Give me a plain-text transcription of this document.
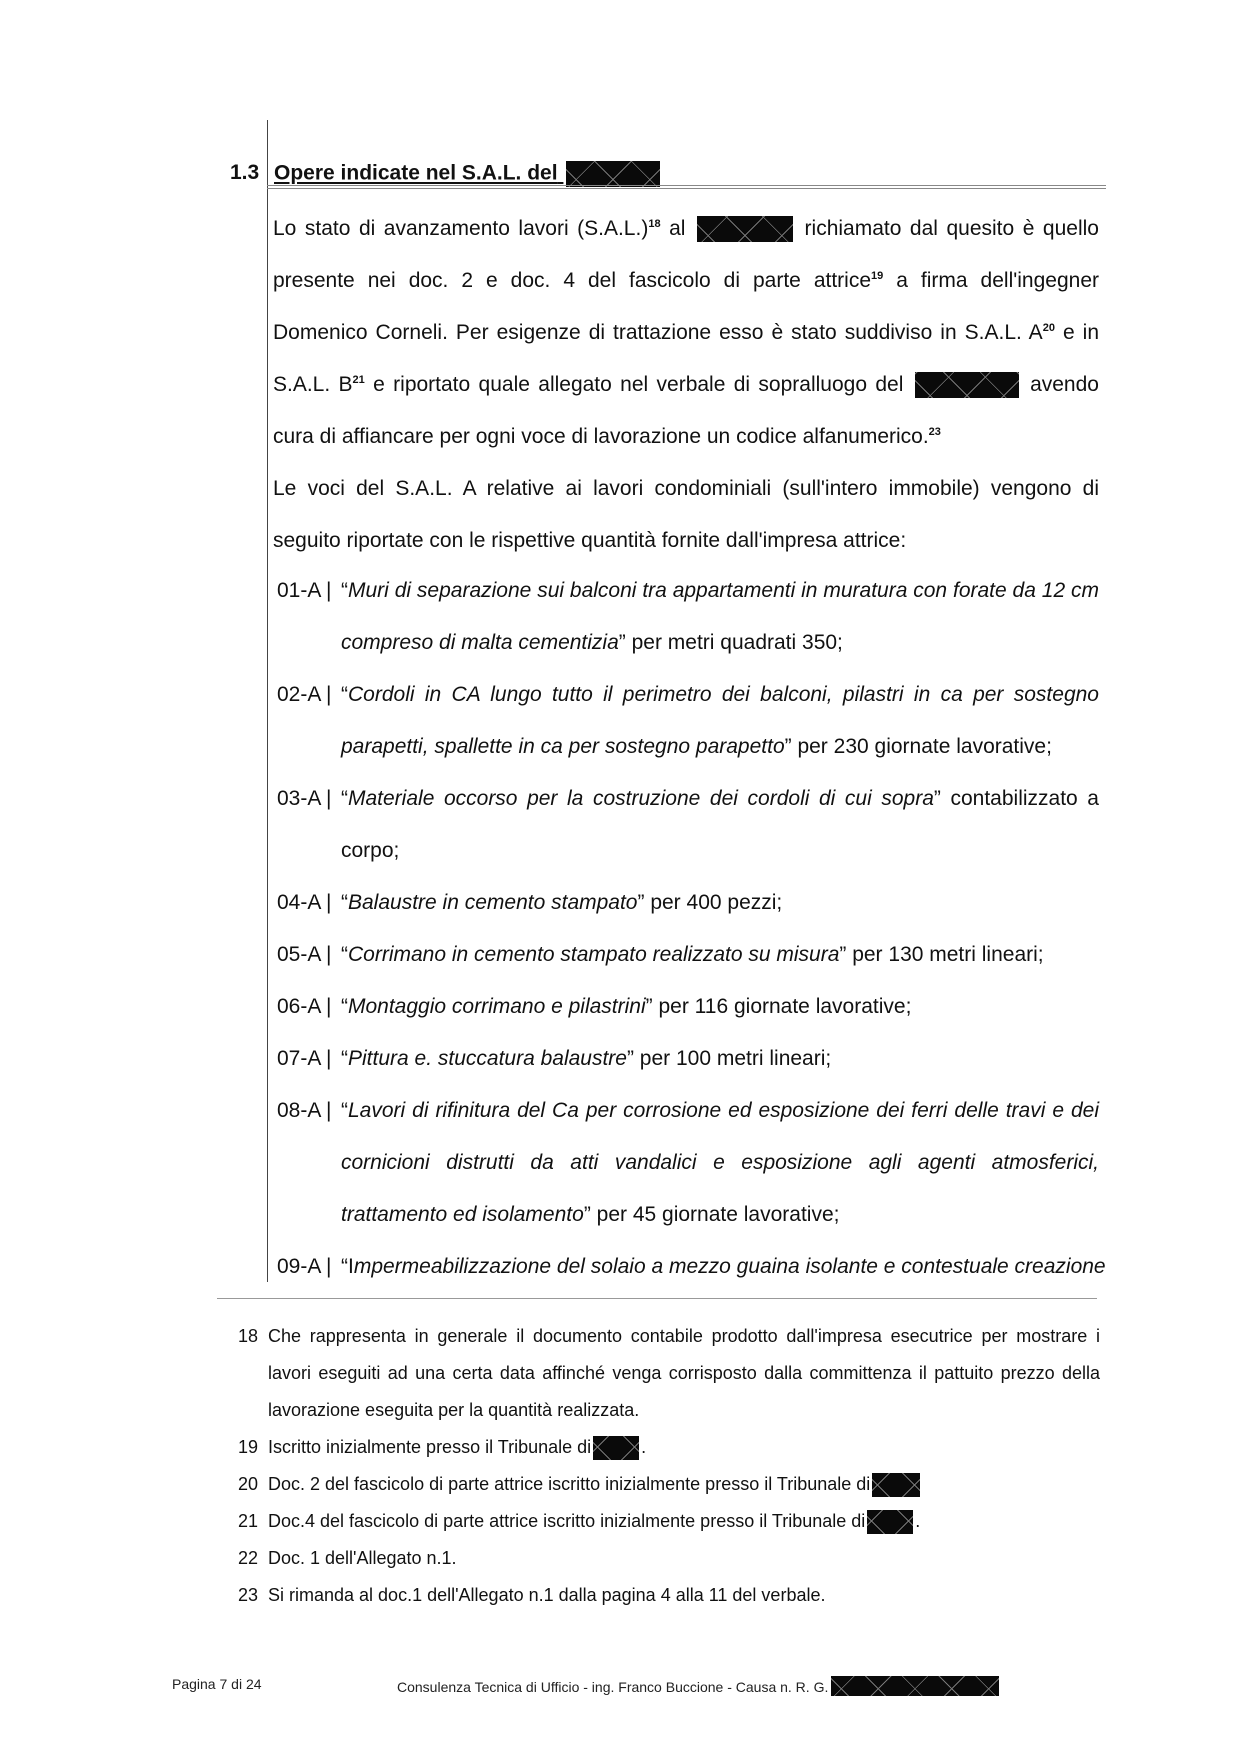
1.3 Opere indicate nel S.A.L. del

Lo stato di avanzamento lavori $(S.A.L.)^{18}$ al	richiamato dal quesito è quello presente nei doc. 2 e doc. 4 del fascicolo di parte attrice$^{19}$ a firma dell'ingegner Domenico Corneli. Per esigenze di trattazione esso è stato suddiviso in S.A.L. $A^{20}$ e in S.A.L. $B^{21}$ e riportato quale allegato nel verbale di sopralluogo del	avendo cura di affiancare per ogni voce di lavorazione un codice alfanumerico.$^{23}$

Le voci del S.A.L. A relative ai lavori condominiali (sull'intero immobile) vengono di seguito riportate con le rispettive quantità fornite dall'impresa attrice:

01-A | “Muri di separazione sui balconi tra appartamenti in muratura con forate da 12 cm compreso di malta cementizia” per metri quadrati 350;
02-A | “Cordoli in CA lungo tutto il perimetro dei balconi, pilastri in ca per sostegno parapetti, spallette in ca per sostegno parapetto” per 230 giornate lavorative;
03-A | “Materiale occorso per la costruzione dei cordoli di cui sopra” contabilizzato a corpo;
04-A | “Balaustre in cemento stampato” per 400 pezzi;
05-A | “Corrimano in cemento stampato realizzato su misura” per 130 metri lineari;
06-A | “Montaggio corrimano e pilastrini” per 116 giornate lavorative;
07-A | “Pittura e. stuccatura balaustre” per 100 metri lineari;
08-A | “Lavori di rifinitura del Ca per corrosione ed esposizione dei ferri delle travi e dei cornicioni distrutti da atti vandalici e esposizione agli agenti atmosferici, trattamento ed isolamento” per 45 giornate lavorative;
09-A | “Impermeabilizzazione del solaio a mezzo guaina isolante e contestuale creazione
18 Che rappresenta in generale il documento contabile prodotto dall'impresa esecutrice per mostrare i lavori eseguiti ad una certa data affinché venga corrisposto dalla committenza il pattuito prezzo della lavorazione eseguita per la quantità realizzata.
19 Iscritto inizialmente presso il Tribunale di	.
20 Doc. 2 del fascicolo di parte attrice iscritto inizialmente presso il Tribunale di
21 Doc.4 del fascicolo di parte attrice iscritto inizialmente presso il Tribunale di	.
22 Doc. 1 dell'Allegato n.1.
23 Si rimanda al doc.1 dell'Allegato n.1 dalla pagina 4 alla 11 del verbale.
Pagina 7 di 24	Consulenza Tecnica di Ufficio - ing. Franco Buccione - Causa n. R. G.
